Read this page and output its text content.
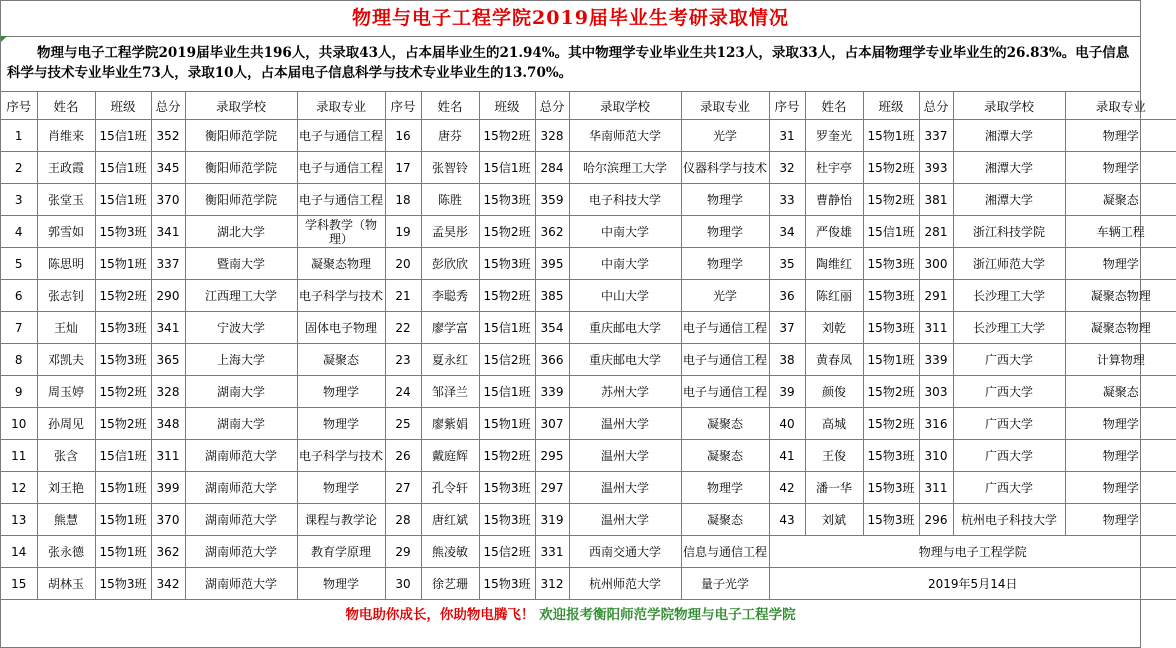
物理与电子工程学院2019届毕业生考研录取情况
物理与电子工程学院2019届毕业生共196人，共录取43人，占本届毕业生的21.94%。其中物理学专业毕业生共123人，录取33人，占本届物理学专业毕业生的26.83%。电子信息科学与技术专业毕业生73人，录取10人，占本届电子信息科学与技术专业毕业生的13.70%。
序号	姓名	班级	总分	录取学校	录取专业	序号	姓名	班级	总分	录取学校	录取专业	序号	姓名	班级	总分	录取学校	录取专业
1	肖维来	15信1班	352	衡阳师范学院	电子与通信工程	16	唐芬	15物2班	328	华南师范大学	光学	31	罗奎光	15物1班	337	湘潭大学	物理学
2	王政霞	15信1班	345	衡阳师范学院	电子与通信工程	17	张智铃	15信1班	284	哈尔滨理工大学	仪器科学与技术	32	杜宇亭	15物2班	393	湘潭大学	物理学
3	张堂玉	15信1班	370	衡阳师范学院	电子与通信工程	18	陈胜	15物3班	359	电子科技大学	物理学	33	曹静怡	15物2班	381	湘潭大学	凝聚态
4	郭雪如	15物3班	341	湖北大学	学科教学（物理）	19	孟昊彤	15物2班	362	中南大学	物理学	34	严俊雄	15信1班	281	浙江科技学院	车辆工程
5	陈思明	15物1班	337	暨南大学	凝聚态物理	20	彭欣欣	15物3班	395	中南大学	物理学	35	陶维红	15物3班	300	浙江师范大学	物理学
6	张志钊	15物2班	290	江西理工大学	电子科学与技术	21	李聪秀	15物2班	385	中山大学	光学	36	陈红丽	15物3班	291	长沙理工大学	凝聚态物理
7	王灿	15物3班	341	宁波大学	固体电子物理	22	廖学富	15信1班	354	重庆邮电大学	电子与通信工程	37	刘乾	15物3班	311	长沙理工大学	凝聚态物理
8	邓凯夫	15物3班	365	上海大学	凝聚态	23	夏永红	15信2班	366	重庆邮电大学	电子与通信工程	38	黄春凤	15物1班	339	广西大学	计算物理
9	周玉婷	15物2班	328	湖南大学	物理学	24	邹泽兰	15信1班	339	苏州大学	电子与通信工程	39	颜俊	15物2班	303	广西大学	凝聚态
10	孙周见	15物2班	348	湖南大学	物理学	25	廖紫娟	15物1班	307	温州大学	凝聚态	40	高城	15物2班	316	广西大学	物理学
11	张含	15信1班	311	湖南师范大学	电子科学与技术	26	戴庭辉	15物2班	295	温州大学	凝聚态	41	王俊	15物3班	310	广西大学	物理学
12	刘王艳	15物1班	399	湖南师范大学	物理学	27	孔令轩	15物3班	297	温州大学	物理学	42	潘一华	15物3班	311	广西大学	物理学
13	熊慧	15物1班	370	湖南师范大学	课程与教学论	28	唐红斌	15物3班	319	温州大学	凝聚态	43	刘斌	15物3班	296	杭州电子科技大学	物理学
14	张永德	15物1班	362	湖南师范大学	教育学原理	29	熊凌敏	15信2班	331	西南交通大学	信息与通信工程	物理与电子工程学院					
15	胡林玉	15物3班	342	湖南师范大学	物理学	30	徐艺珊	15物3班	312	杭州师范大学	量子光学	2019年5月14日					
物电助你成长，你助物电腾飞！ 欢迎报考衡阳师范学院物理与电子工程学院
